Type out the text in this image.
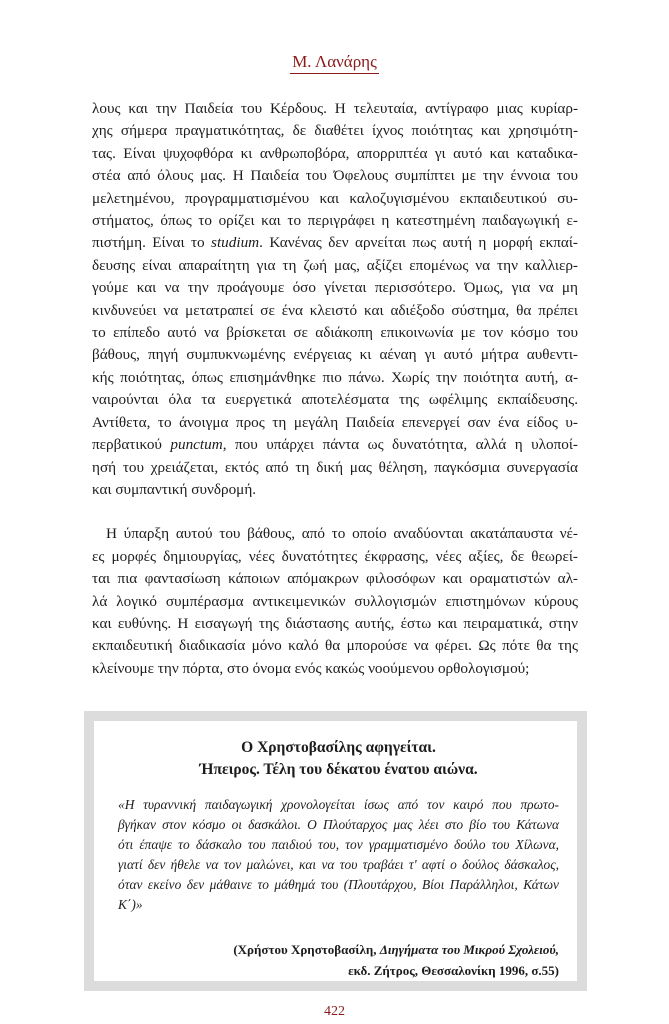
Μ. Λανάρης
λους και την Παιδεία του Κέρδους. Η τελευταία, αντίγραφο μιας κυρίαρ-
χης σήμερα πραγματικότητας, δε διαθέτει ίχνος ποιότητας και χρησιμότη-
τας. Είναι ψυχοφθόρα κι ανθρωποβόρα, απορριπτέα γι αυτό και καταδικα-
στέα από όλους μας. Η Παιδεία του Όφελους συμπίπτει με την έννοια του
μελετημένου, προγραμματισμένου και καλοζυγισμένου εκπαιδευτικού συ-
στήματος, όπως το ορίζει και το περιγράφει η κατεστημένη παιδαγωγική ε-
πιστήμη. Είναι το studium. Κανένας δεν αρνείται πως αυτή η μορφή εκπαί-
δευσης είναι απαραίτητη για τη ζωή μας, αξίζει επομένως να την καλλιερ-
γούμε και να την προάγουμε όσο γίνεται περισσότερο. Όμως, για να μη
κινδυνεύει να μετατραπεί σε ένα κλειστό και αδιέξοδο σύστημα, θα πρέπει
το επίπεδο αυτό να βρίσκεται σε αδιάκοπη επικοινωνία με τον κόσμο του
βάθους, πηγή συμπυκνωμένης ενέργειας κι αέναη γι αυτό μήτρα αυθεντι-
κής ποιότητας, όπως επισημάνθηκε πιο πάνω. Χωρίς την ποιότητα αυτή, α-
ναιρούνται όλα τα ευεργετικά αποτελέσματα της ωφέλιμης εκπαίδευσης.
Αντίθετα, το άνοιγμα προς τη μεγάλη Παιδεία επενεργεί σαν ένα είδος υ-
περβατικού punctum, που υπάρχει πάντα ως δυνατότητα, αλλά η υλοποί-
ησή του χρειάζεται, εκτός από τη δική μας θέληση, παγκόσμια συνεργασία
και συμπαντική συνδρομή.
Η ύπαρξη αυτού του βάθους, από το οποίο αναδύονται ακατάπαυστα νέ-
ες μορφές δημιουργίας, νέες δυνατότητες έκφρασης, νέες αξίες, δε θεωρεί-
ται πια φαντασίωση κάποιων απόμακρων φιλοσόφων και οραματιστών αλ-
λά λογικό συμπέρασμα αντικειμενικών συλλογισμών επιστημόνων κύρους
και ευθύνης. Η εισαγωγή της διάστασης αυτής, έστω και πειραματικά, στην
εκπαιδευτική διαδικασία μόνο καλό θα μπορούσε να φέρει. Ως πότε θα της
κλείνουμε την πόρτα, στο όνομα ενός κακώς νοούμενου ορθολογισμού;
Ο Χρηστοβασίλης αφηγείται.
Ήπειρος. Τέλη του δέκατου ένατου αιώνα.
«Η τυραννική παιδαγωγική χρονολογείται ίσως από τον καιρό που πρωτο-
βγήκαν στον κόσμο οι δασκάλοι. Ο Πλούταρχος μας λέει στο βίο του Κάτωνα
ότι έπαψε το δάσκαλο του παιδιού του, τον γραμματισμένο δούλο του Χίλωνα,
γιατί δεν ήθελε να τον μαλώνει, και να του τραβάει τ' αφτί ο δούλος δάσκαλος,
όταν εκείνο δεν μάθαινε το μάθημά του (Πλουτάρχου, Βίοι Παράλληλοι, Κάτων
Κ΄)»
(Χρήστου Χρηστοβασίλη, Διηγήματα του Μικρού Σχολειού,
εκδ. Ζήτρος, Θεσσαλονίκη 1996, σ.55)
422
